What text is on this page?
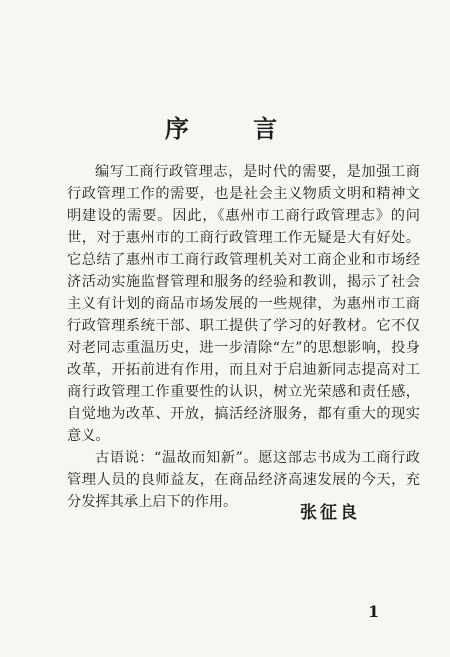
序 言

编写工商行政管理志，是时代的需要，是加强工商行政管理工作的需要，也是社会主义物质文明和精神文明建设的需要。因此，《惠州市工商行政管理志》的问世，对于惠州市的工商行政管理工作无疑是大有好处。它总结了惠州市工商行政管理机关对工商企业和市场经济活动实施监督管理和服务的经验和教训，揭示了社会主义有计划的商品市场发展的一些规律，为惠州市工商行政管理系统干部、职工提供了学习的好教材。它不仅对老同志重温历史，进一步清除“左”的思想影响，投身改革，开拓前进有作用，而且对于启迪新同志提高对工商行政管理工作重要性的认识，树立光荣感和责任感，自觉地为改革、开放，搞活经济服务，都有重大的现实意义。

古语说：“温故而知新”。愿这部志书成为工商行政管理人员的良师益友，在商品经济高速发展的今天，充分发挥其承上启下的作用。

张征良
1
